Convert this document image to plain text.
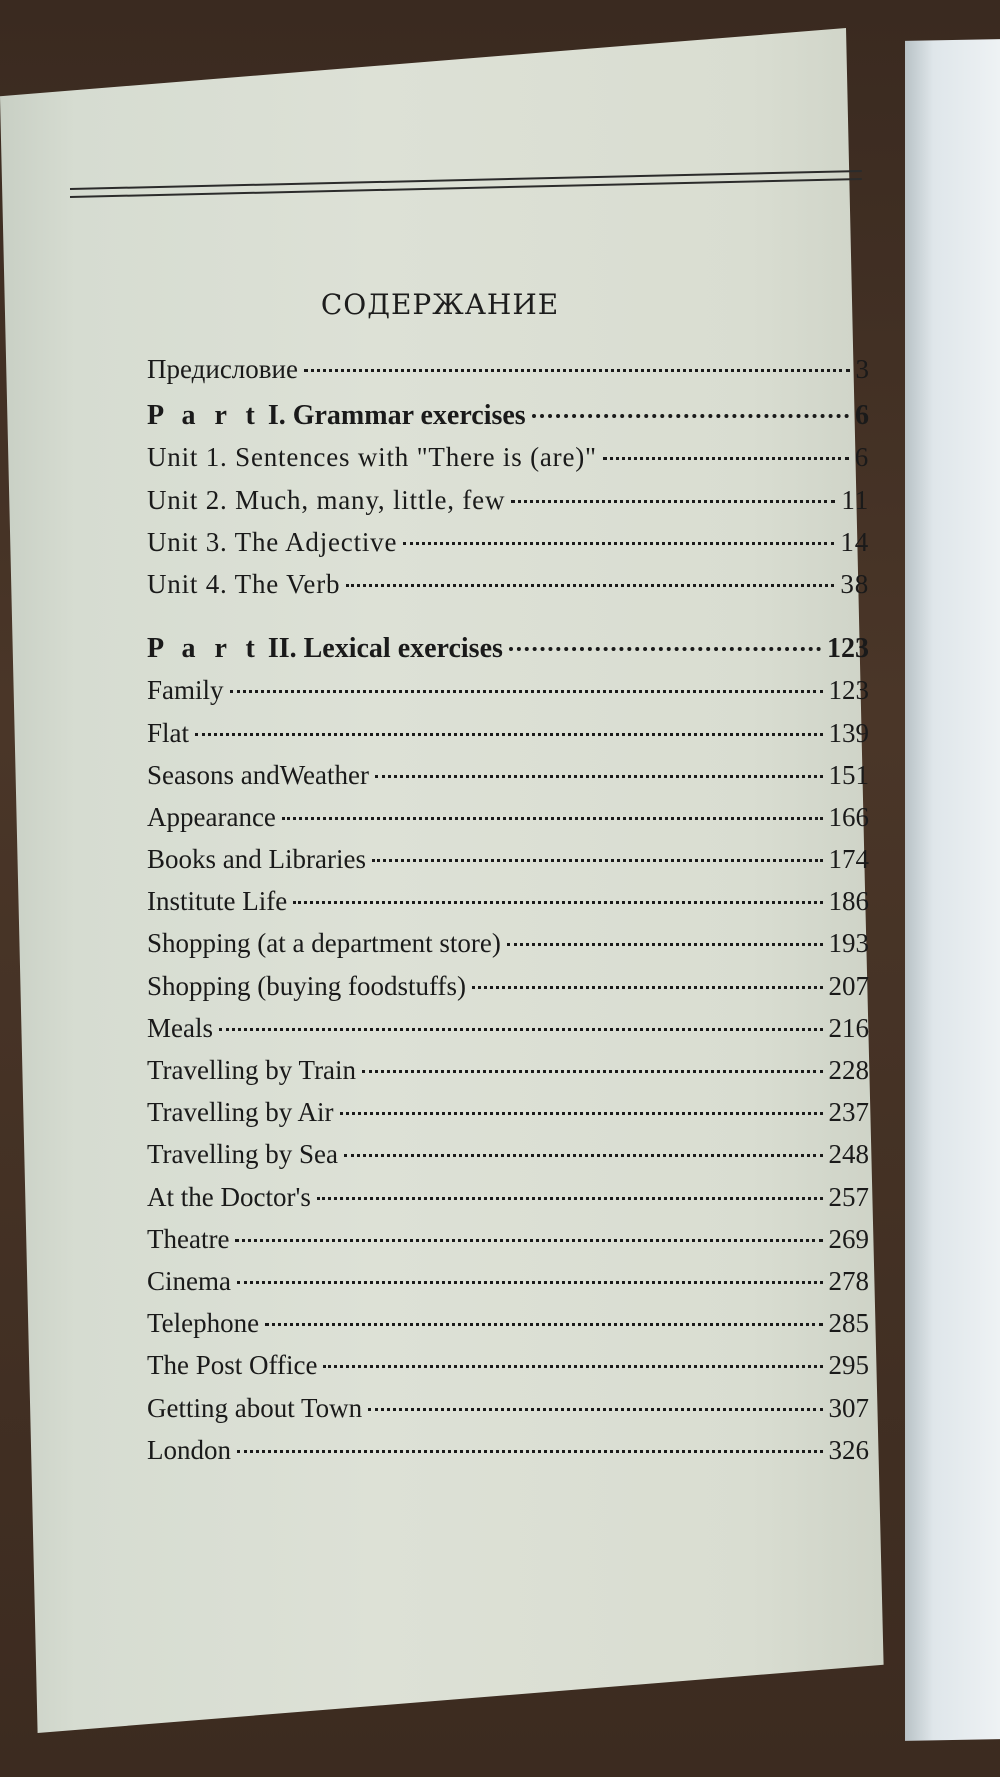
СОДЕРЖАНИЕ
Предисловие	3
P a r t I. Grammar exercises	6
Unit 1. Sentences with "There is (are)"	6
Unit 2. Much, many, little, few	11
Unit 3. The Adjective	14
Unit 4. The Verb	38
P a r t II. Lexical exercises	123
Family	123
Flat	139
Seasons andWeather	151
Appearance	166
Books and Libraries	174
Institute Life	186
Shopping (at a department store)	193
Shopping (buying foodstuffs)	207
Meals	216
Travelling by Train	228
Travelling by Air	237
Travelling by Sea	248
At the Doctor's	257
Theatre	269
Cinema	278
Telephone	285
The Post Office	295
Getting about Town	307
London	326
